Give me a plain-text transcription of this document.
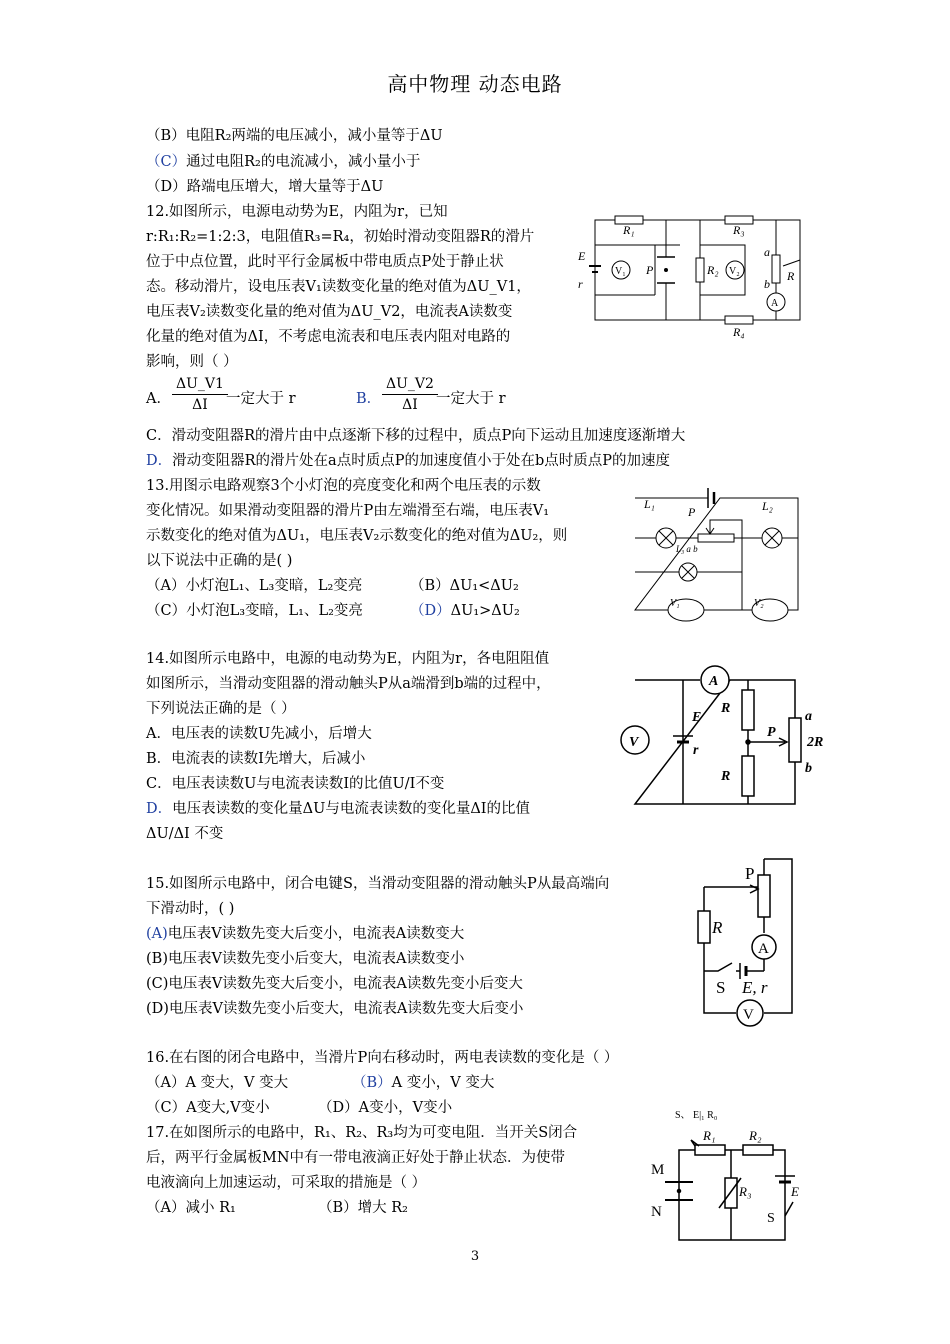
高中物理 动态电路
（B）电阻R₂两端的电压减小，减小量等于ΔU
（C）通过电阻R₂的电流减小，减小量小于
（D）路端电压增大，增大量等于ΔU
12.如图所示，电源电动势为E，内阻为r，已知
r:R₁:R₂=1:2:3，电阻值R₃=R₄，初始时滑动变阻器R的滑片
位于中点位置，此时平行金属板中带电质点P处于静止状
态。移动滑片，设电压表V₁读数变化量的绝对值为ΔU_V1，
电压表V₂读数变化量的绝对值为ΔU_V2，电流表A读数变
化量的绝对值为ΔI，不考虑电流表和电压表内阻对电路的
影响，则（ ）
A． $\frac{\Delta U\_V1}{\Delta I}$
一定大于 r	B． $\frac{\Delta U\_V2}{\Delta I}$
一定大于 r
C．滑动变阻器R的滑片由中点逐渐下移的过程中，质点P向下运动且加速度逐渐增大
D．滑动变阻器R的滑片处在a点时质点P的加速度值小于处在b点时质点P的加速度
R₁	R₃
R₄
E
r
V₁ P	R₂ V₂
a
b
R
A
13.用图示电路观察3个小灯泡的亮度变化和两个电压表的示数
变化情况。如果滑动变阻器的滑片P由左端滑至右端，电压表V₁
示数变化的绝对值为ΔU₁，电压表V₂示数变化的绝对值为ΔU₂，则
以下说法中正确的是( )
（A）小灯泡L₁、L₃变暗，L₂变亮	（B）ΔU₁<ΔU₂
（C）小灯泡L₃变暗，L₁、L₂变亮	（D）ΔU₁>ΔU₂
L₁	L₂
P
L₃ a b
V₁	V₂
14.如图所示电路中，电源的电动势为E，内阻为r，各电阻阻值
如图所示，当滑动变阻器的滑动触头P从a端滑到b端的过程中，
下列说法正确的是（ ）
A．电压表的读数U先减小，后增大
B．电流表的读数I先增大，后减小
C．电压表读数U与电流表读数I的比值U/I不变
D．电压表读数的变化量ΔU与电流表读数的变化量ΔI的比值
ΔU/ΔI 不变
A
V
E
r
R
R
P
a
2R
b
15.如图所示电路中，闭合电键S，当滑动变阻器的滑动触头P从最高端向
下滑动时，( )
(A)电压表V读数先变大后变小，电流表A读数变大
(B)电压表V读数先变小后变大，电流表A读数变小
(C)电压表V读数先变大后变小，电流表A读数先变小后变大
(D)电压表V读数先变小后变大，电流表A读数先变大后变小
P
R
A
S E, r
V
16.在右图的闭合电路中，当滑片P向右移动时，两电表读数的变化是（ ）
（A）A 变大，V 变大	（B）A 变小，V 变大
（C）A变大,V变小	（D）A变小，V变小
17.在如图所示的电路中，R₁、R₂、R₃均为可变电阻．当开关S闭合
后，两平行金属板MN中有一带电液滴正好处于静止状态．为使带
电液滴向上加速运动，可采取的措施是（ ）
（A）减小 R₁	（B）增大 R₂
S、 E|₁ R₀
R₁	R₂
R₃
M
N
E
S
3
